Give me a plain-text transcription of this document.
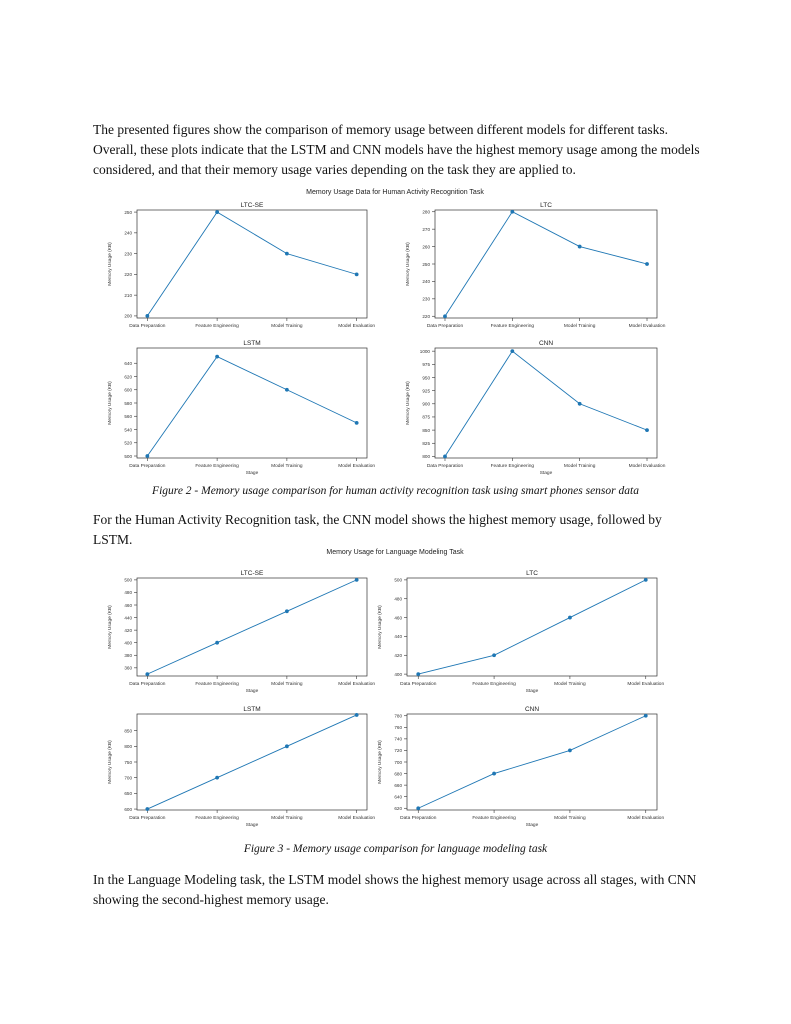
The presented figures show the comparison of memory usage between different models for different tasks. Overall, these plots indicate that the LSTM and CNN models have the highest memory usage among the models considered, and that their memory usage varies depending on the task they are applied to.

Memory Usage Data for Human Activity Recognition Task
LTC-SE
200
210
220
230
240
250
Data Preparation	Feature Engineering	Model Training	Model Evaluation
Memory Usage (KB)
LTC
220
230
240
250
260
270
280
Data Preparation	Feature Engineering	Model Training	Model Evaluation
Memory Usage (KB)
LSTM
500
520
540
560
580
600
620
640
Data Preparation	Feature Engineering	Model Training	Model Evaluation
Stage
Memory Usage (KB)
CNN
800
825
850
875
900
925
950
975
1000
Data Preparation	Feature Engineering	Model Training	Model Evaluation
Stage
Memory Usage (KB)

Figure 2 - Memory usage comparison for human activity recognition task using smart phones sensor data

For the Human Activity Recognition task, the CNN model shows the highest memory usage, followed by LSTM.

Memory Usage for Language Modeling Task
LTC-SE
360
380
400
420
440
460
480
500
Data Preparation	Feature Engineering	Model Training	Model Evaluation
Stage
Memory Usage (KB)
LTC
400
420
440
460
480
500
Data Preparation	Feature Engineering	Model Training	Model Evaluation
Stage
Memory Usage (KB)
LSTM
600
650
700
750
800
850
Data Preparation	Feature Engineering	Model Training	Model Evaluation
Stage
Memory Usage (KB)
CNN
620
640
660
680
700
720
740
760
780
Data Preparation	Feature Engineering	Model Training	Model Evaluation
Stage
Memory Usage (KB)

Figure 3 - Memory usage comparison for language modeling task

In the Language Modeling task, the LSTM model shows the highest memory usage across all stages, with CNN showing the second-highest memory usage.
